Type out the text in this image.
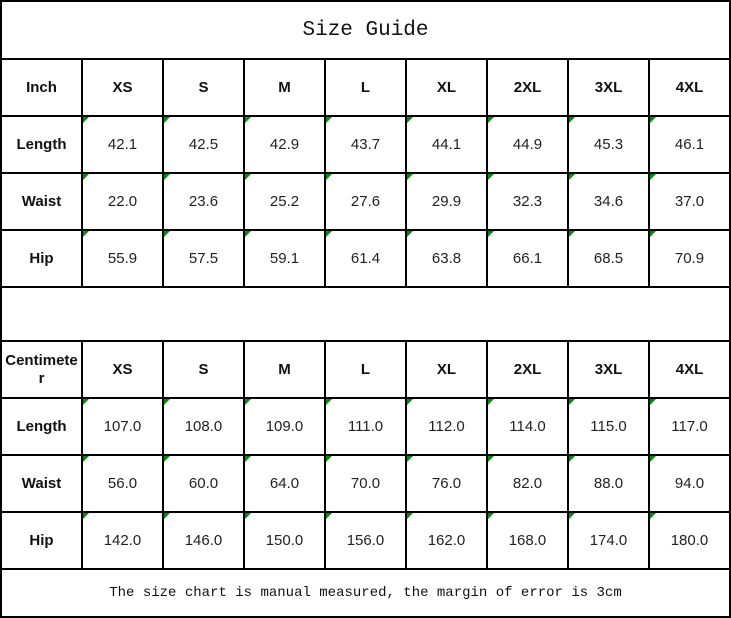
Size Guide								
Inch	XS	S	M	L	XL	2XL	3XL	4XL
Length	42.1	42.5	42.9	43.7	44.1	44.9	45.3	46.1
Waist	22.0	23.6	25.2	27.6	29.9	32.3	34.6	37.0
Hip	55.9	57.5	59.1	61.4	63.8	66.1	68.5	70.9

Centimeter	XS	S	M	L	XL	2XL	3XL	4XL
Length	107.0	108.0	109.0	111.0	112.0	114.0	115.0	117.0
Waist	56.0	60.0	64.0	70.0	76.0	82.0	88.0	94.0
Hip	142.0	146.0	150.0	156.0	162.0	168.0	174.0	180.0
The size chart is manual measured, the margin of error is 3cm								
